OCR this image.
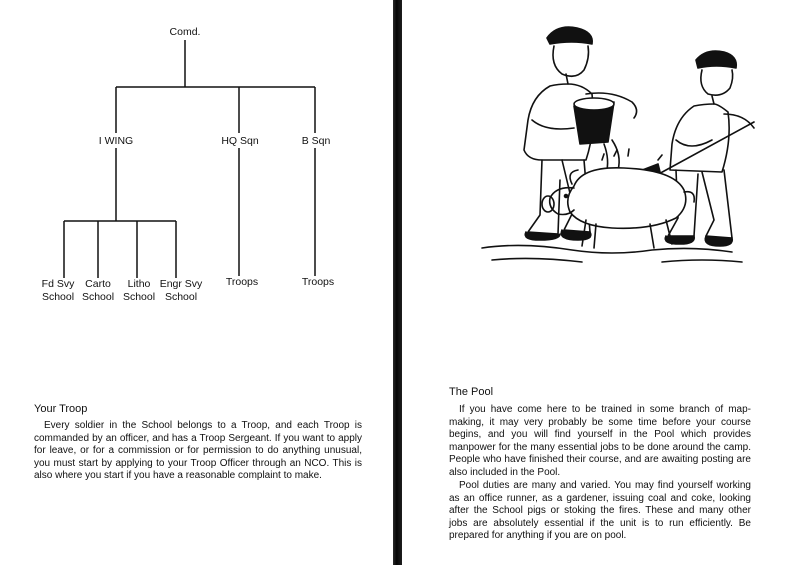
Comd.
I WING	HQ Sqn	B Sqn
Fd Svy
School
Carto
School
Litho
School
Engr Svy
School
Troops	Troops
Your Troop

Every soldier in the School belongs to a Troop, and each Troop is commanded by an officer, and has a Troop Sergeant. If you want to apply for leave, or for a commission or for permission to do anything unusual, you must start by applying to your Troop Officer through an NCO. This is also where you start if you have a reasonable complaint to make.

The Pool

If you have come here to be trained in some branch of map-making, it may very probably be some time before your course begins, and you will find yourself in the Pool which provides manpower for the many essential jobs to be done around the camp. People who have finished their course, and are awaiting posting are also included in the Pool.

Pool duties are many and varied. You may find yourself working as an office runner, as a gardener, issuing coal and coke, looking after the School pigs or stoking the fires. These and many other jobs are absolutely essential if the unit is to run efficiently. Be prepared for anything if you are on pool.
